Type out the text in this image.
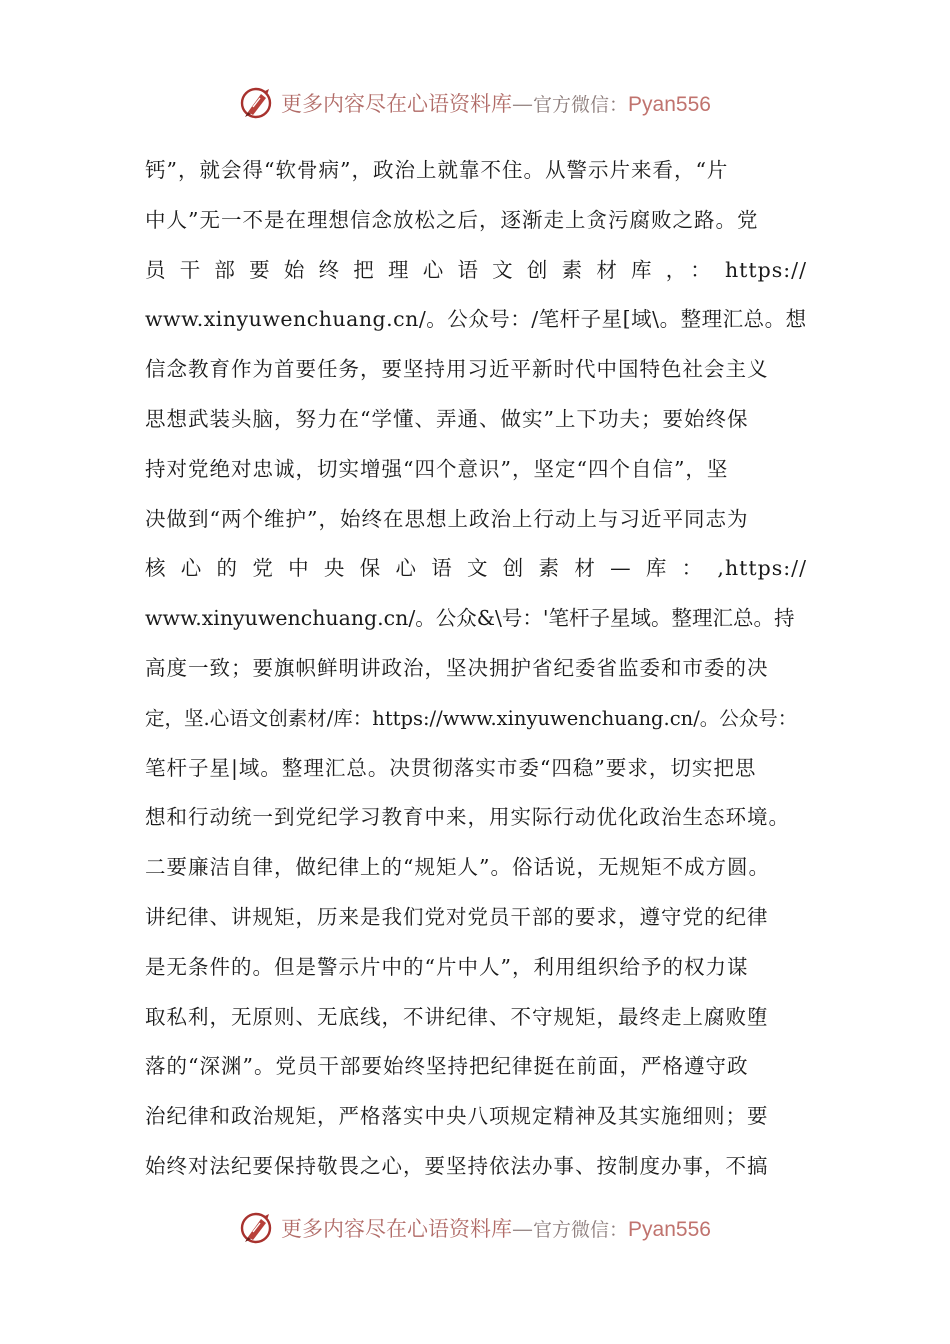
更多内容尽在心语资料库—官方微信：Pyan556
钙”，就会得“软骨病”，政治上就靠不住。从警示片来看，“片
中人”无一不是在理想信念放松之后，逐渐走上贪污腐败之路。党
员干部要始终把理心语文创素材库，：https://
www.xinyuwenchuang.cn/。公众号：/笔杆子星[域\。整理汇总。想
信念教育作为首要任务，要坚持用习近平新时代中国特色社会主义
思想武装头脑，努力在“学懂、弄通、做实”上下功夫；要始终保
持对党绝对忠诚，切实增强“四个意识”，坚定“四个自信”，坚
决做到“两个维护”，始终在思想上政治上行动上与习近平同志为
核心的党中央保心语文创素材—库：,https://
www.xinyuwenchuang.cn/。公众&\号：'笔杆子星域。整理汇总。持
高度一致；要旗帜鲜明讲政治，坚决拥护省纪委省监委和市委的决
定，坚.心语文创素材/库：https://www.xinyuwenchuang.cn/。公众号：
笔杆子星|域。整理汇总。决贯彻落实市委“四稳”要求，切实把思
想和行动统一到党纪学习教育中来，用实际行动优化政治生态环境。
二要廉洁自律，做纪律上的“规矩人”。俗话说，无规矩不成方圆。
讲纪律、讲规矩，历来是我们党对党员干部的要求，遵守党的纪律
是无条件的。但是警示片中的“片中人”，利用组织给予的权力谋
取私利，无原则、无底线，不讲纪律、不守规矩，最终走上腐败堕
落的“深渊”。党员干部要始终坚持把纪律挺在前面，严格遵守政
治纪律和政治规矩，严格落实中央八项规定精神及其实施细则；要
始终对法纪要保持敬畏之心，要坚持依法办事、按制度办事，不搞
更多内容尽在心语资料库—官方微信：Pyan556
